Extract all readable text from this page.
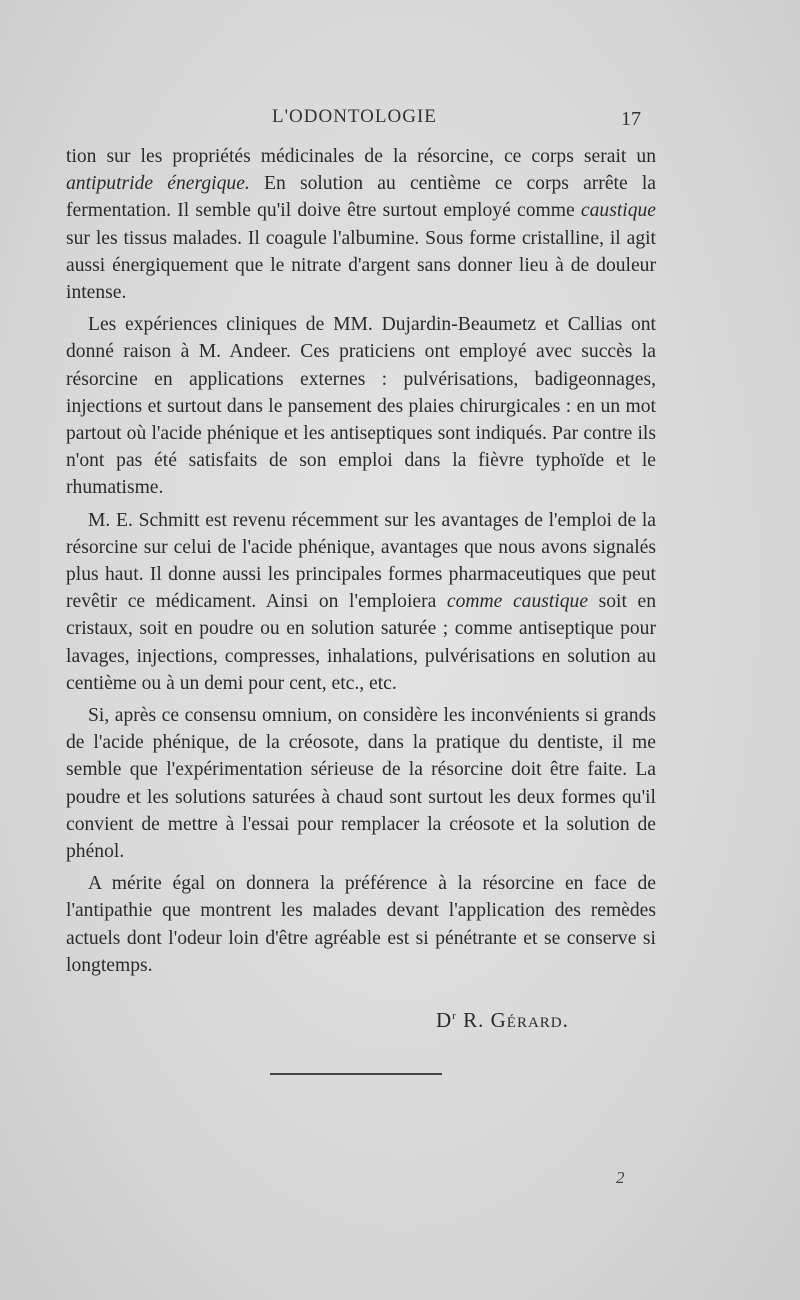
L'ODONTOLOGIE	17

tion sur les propriétés médicinales de la résorcine, ce corps serait un antiputride énergique. En solution au centième ce corps arrête la fermentation. Il semble qu'il doive être surtout employé comme caustique sur les tissus malades. Il coagule l'albumine. Sous forme cristalline, il agit aussi énergiquement que le nitrate d'argent sans donner lieu à de douleur intense.

Les expériences cliniques de MM. Dujardin-Beaumetz et Callias ont donné raison à M. Andeer. Ces praticiens ont employé avec succès la résorcine en applications externes : pulvérisations, badigeonnages, injections et surtout dans le pansement des plaies chirurgicales : en un mot partout où l'acide phénique et les antiseptiques sont indiqués. Par contre ils n'ont pas été satisfaits de son emploi dans la fièvre typhoïde et le rhumatisme.

M. E. Schmitt est revenu récemment sur les avantages de l'emploi de la résorcine sur celui de l'acide phénique, avantages que nous avons signalés plus haut. Il donne aussi les principales formes pharmaceutiques que peut revêtir ce médicament. Ainsi on l'emploiera comme caustique soit en cristaux, soit en poudre ou en solution saturée ; comme antiseptique pour lavages, injections, compresses, inhalations, pulvérisations en solution au centième ou à un demi pour cent, etc., etc.

Si, après ce consensu omnium, on considère les inconvénients si grands de l'acide phénique, de la créosote, dans la pratique du dentiste, il me semble que l'expérimentation sérieuse de la résorcine doit être faite. La poudre et les solutions saturées à chaud sont surtout les deux formes qu'il convient de mettre à l'essai pour remplacer la créosote et la solution de phénol.

A mérite égal on donnera la préférence à la résorcine en face de l'antipathie que montrent les malades devant l'application des remèdes actuels dont l'odeur loin d'être agréable est si pénétrante et se conserve si longtemps.

$D^r$ R. GÉRARD.
2
